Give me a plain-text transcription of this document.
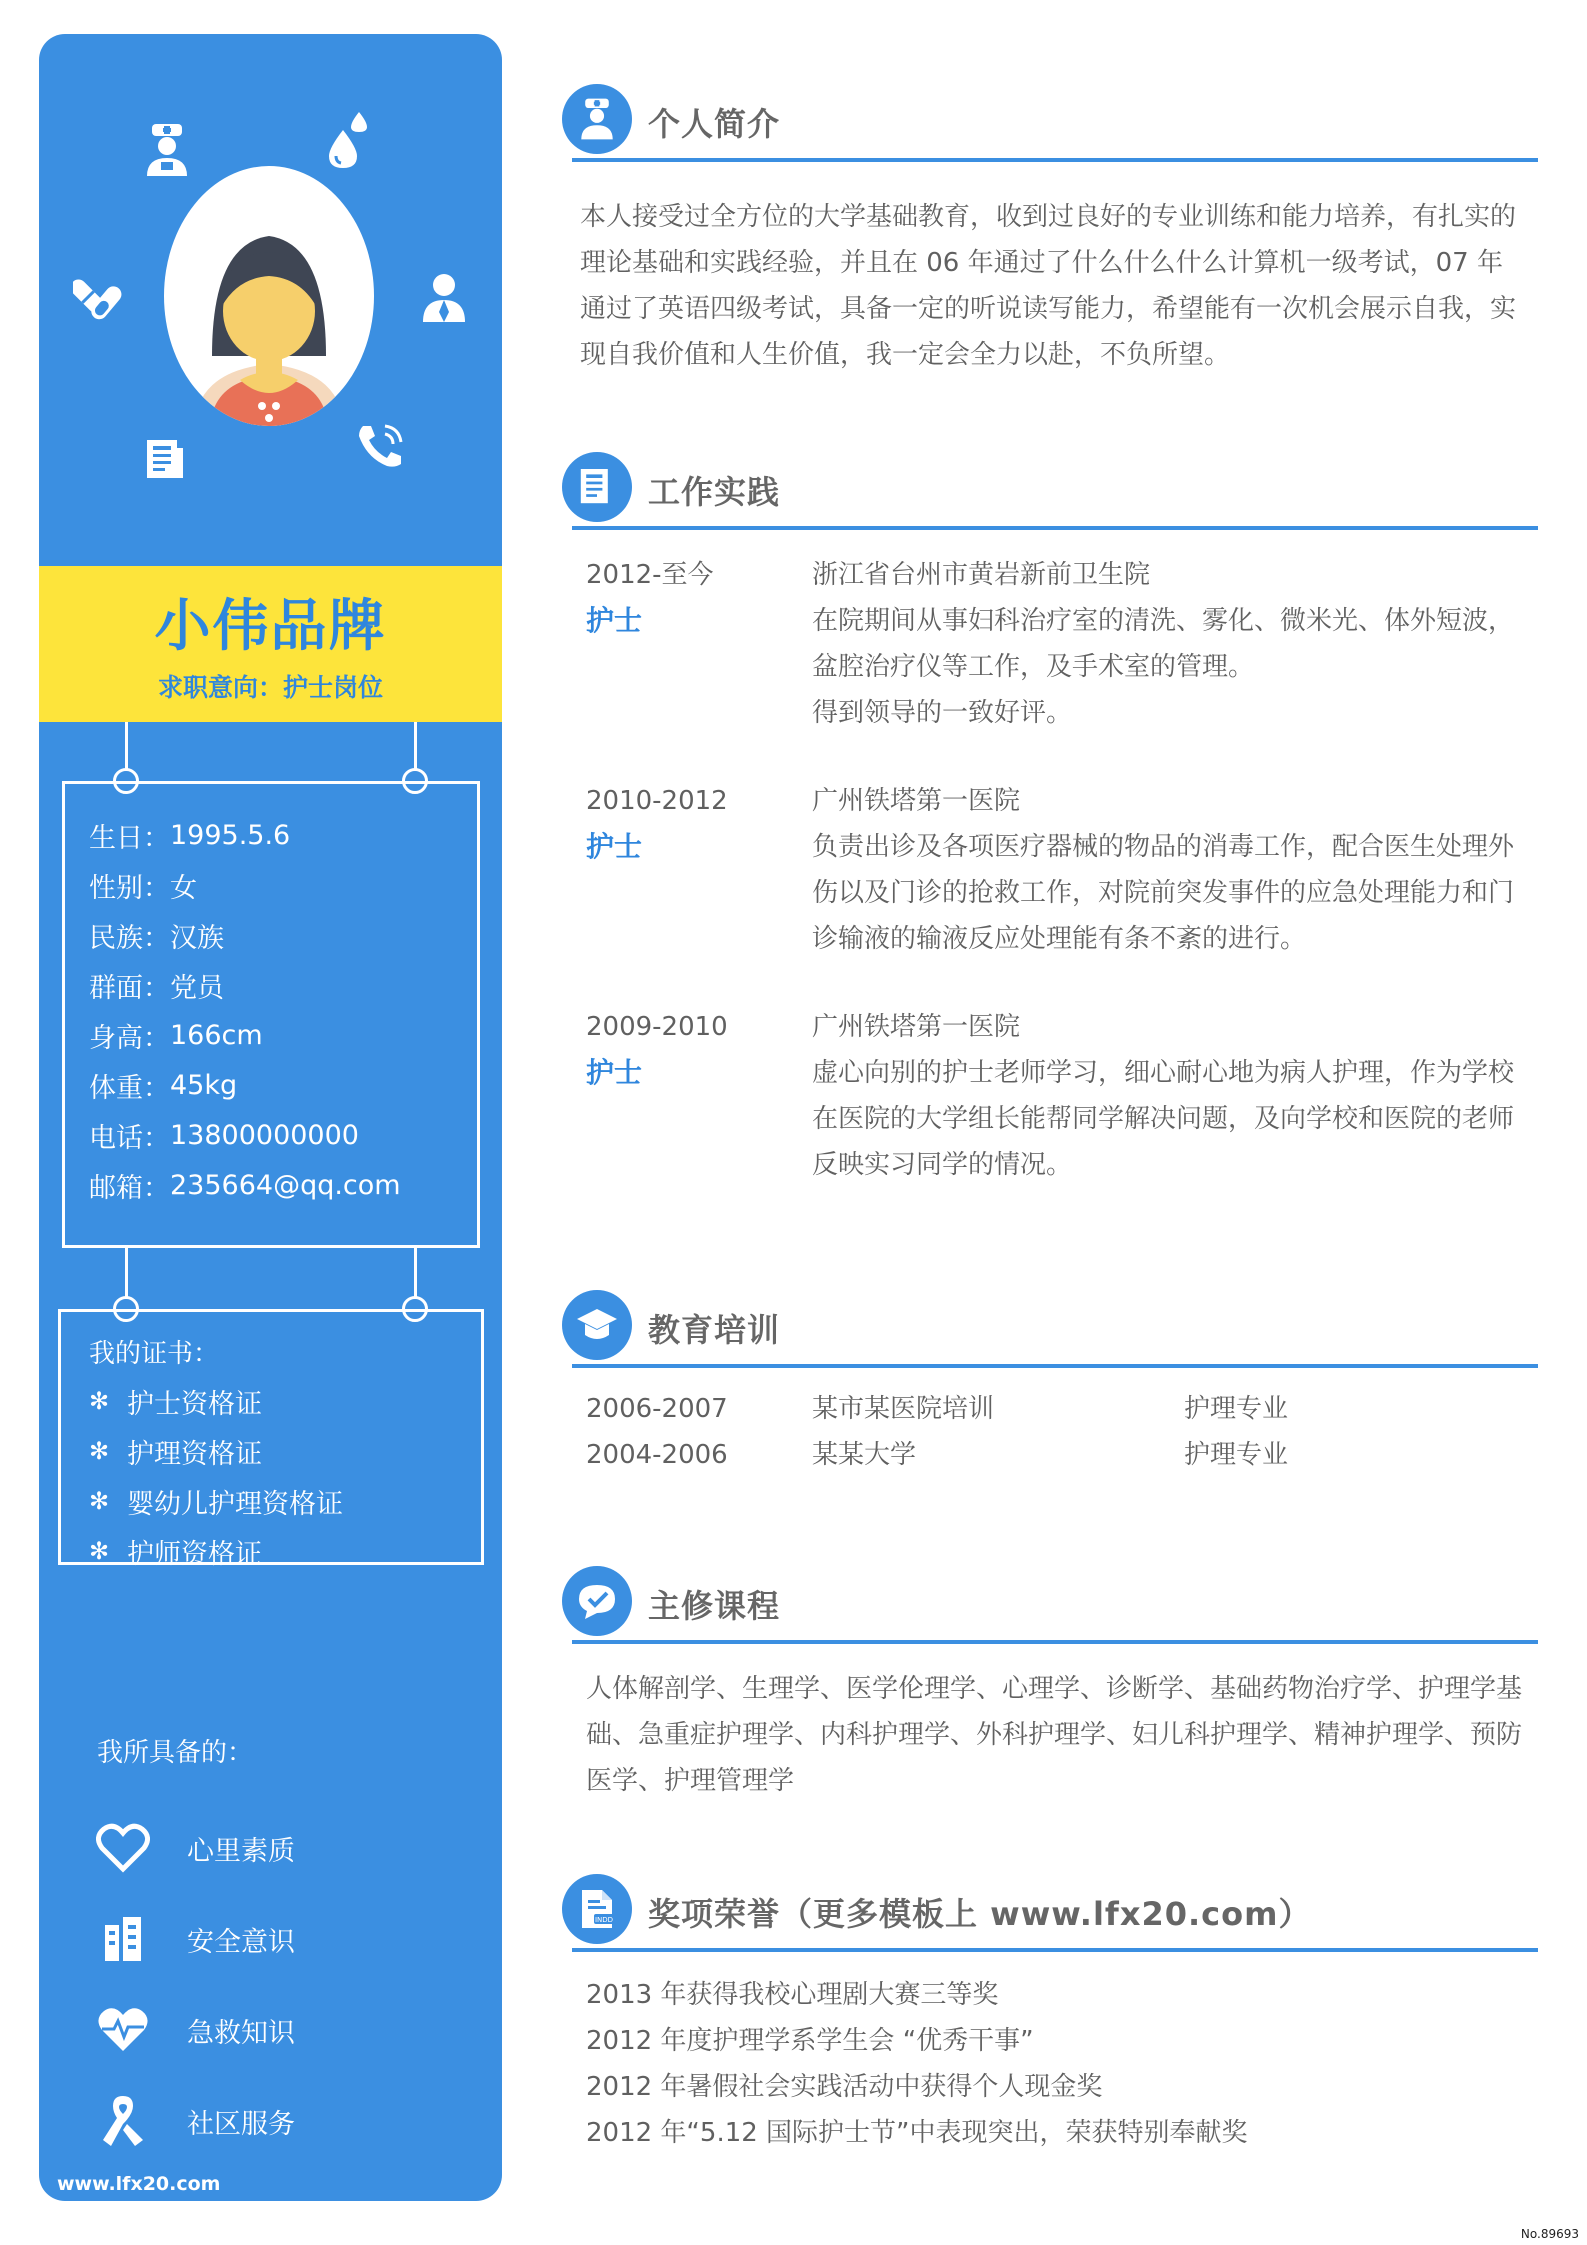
小伟品牌
求职意向：护士岗位
生日： 1995.5.6
性别： 女
民族： 汉族
群面： 党员
身高： 166cm
体重： 45kg
电话： 13800000000
邮箱： 235664@qq.com
我的证书：
✻ 护士资格证
✻ 护理资格证
✻ 婴幼儿护理资格证
✻ 护师资格证
我所具备的：
心里素质
安全意识
急救知识
社区服务
www.lfx20.com
个人简介
本人接受过全方位的大学基础教育，收到过良好的专业训练和能力培养，有扎实的理论基础和实践经验，并且在 06 年通过了什么什么什么计算机一级考试，07 年通过了英语四级考试，具备一定的听说读写能力，希望能有一次机会展示自我，实现自我价值和人生价值，我一定会全力以赴，不负所望。
工作实践
2012-至今
护士
浙江省台州市黄岩新前卫生院
在院期间从事妇科治疗室的清洗、雾化、微米光、体外短波，盆腔治疗仪等工作，及手术室的管理。
得到领导的一致好评。
2010-2012
护士
广州铁塔第一医院
负责出诊及各项医疗器械的物品的消毒工作，配合医生处理外伤以及门诊的抢救工作，对院前突发事件的应急处理能力和门诊输液的输液反应处理能有条不紊的进行。
2009-2010
护士
广州铁塔第一医院
虚心向别的护士老师学习，细心耐心地为病人护理，作为学校在医院的大学组长能帮同学解决问题，及向学校和医院的老师反映实习同学的情况。
教育培训
2006-2007	某市某医院培训	护理专业
2004-2006	某某大学	护理专业
主修课程
人体解剖学、生理学、医学伦理学、心理学、诊断学、基础药物治疗学、护理学基础、急重症护理学、内科护理学、外科护理学、妇儿科护理学、精神护理学、预防医学、护理管理学
INDD 奖项荣誉（更多模板上 www.lfx20.com）
2013 年获得我校心理剧大赛三等奖
2012 年度护理学系学生会 “优秀干事”
2012 年暑假社会实践活动中获得个人现金奖
2012 年“5.12 国际护士节”中表现突出，荣获特别奉献奖
No.89693
